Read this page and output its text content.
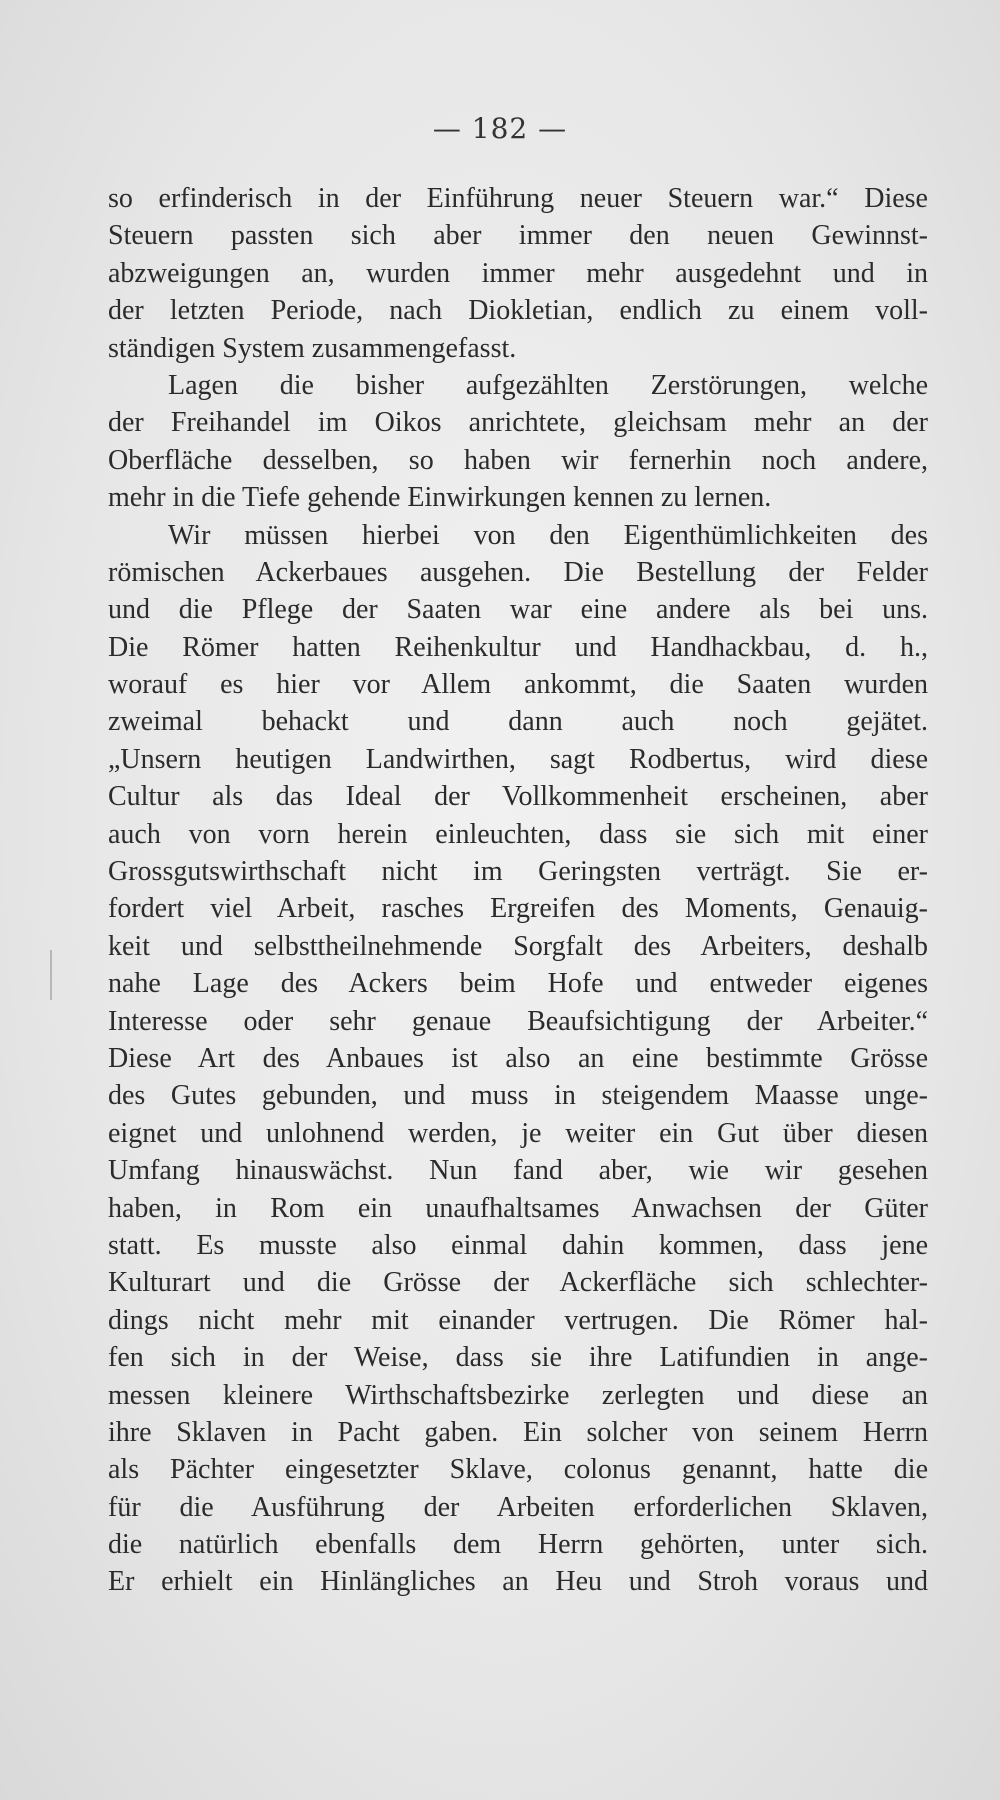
— 182 —
so erfinderisch in der Einführung neuer Steuern war.“ Diese
Steuern passten sich aber immer den neuen Gewinnst-
abzweigungen an, wurden immer mehr ausgedehnt und in
der letzten Periode, nach Diokletian, endlich zu einem voll-
ständigen System zusammengefasst.
Lagen die bisher aufgezählten Zerstörungen, welche
der Freihandel im Oikos anrichtete, gleichsam mehr an der
Oberfläche desselben, so haben wir fernerhin noch andere,
mehr in die Tiefe gehende Einwirkungen kennen zu lernen.
Wir müssen hierbei von den Eigenthümlichkeiten des
römischen Ackerbaues ausgehen. Die Bestellung der Felder
und die Pflege der Saaten war eine andere als bei uns.
Die Römer hatten Reihenkultur und Handhackbau, d. h.,
worauf es hier vor Allem ankommt, die Saaten wurden
zweimal behackt und dann auch noch gejätet.
„Unsern heutigen Landwirthen, sagt Rodbertus, wird diese
Cultur als das Ideal der Vollkommenheit erscheinen, aber
auch von vorn herein einleuchten, dass sie sich mit einer
Grossgutswirthschaft nicht im Geringsten verträgt. Sie er-
fordert viel Arbeit, rasches Ergreifen des Moments, Genauig-
keit und selbsttheilnehmende Sorgfalt des Arbeiters, deshalb
nahe Lage des Ackers beim Hofe und entweder eigenes
Interesse oder sehr genaue Beaufsichtigung der Arbeiter.“
Diese Art des Anbaues ist also an eine bestimmte Grösse
des Gutes gebunden, und muss in steigendem Maasse unge-
eignet und unlohnend werden, je weiter ein Gut über diesen
Umfang hinauswächst. Nun fand aber, wie wir gesehen
haben, in Rom ein unaufhaltsames Anwachsen der Güter
statt. Es musste also einmal dahin kommen, dass jene
Kulturart und die Grösse der Ackerfläche sich schlechter-
dings nicht mehr mit einander vertrugen. Die Römer hal-
fen sich in der Weise, dass sie ihre Latifundien in ange-
messen kleinere Wirthschaftsbezirke zerlegten und diese an
ihre Sklaven in Pacht gaben. Ein solcher von seinem Herrn
als Pächter eingesetzter Sklave, colonus genannt, hatte die
für die Ausführung der Arbeiten erforderlichen Sklaven,
die natürlich ebenfalls dem Herrn gehörten, unter sich.
Er erhielt ein Hinlängliches an Heu und Stroh voraus und
